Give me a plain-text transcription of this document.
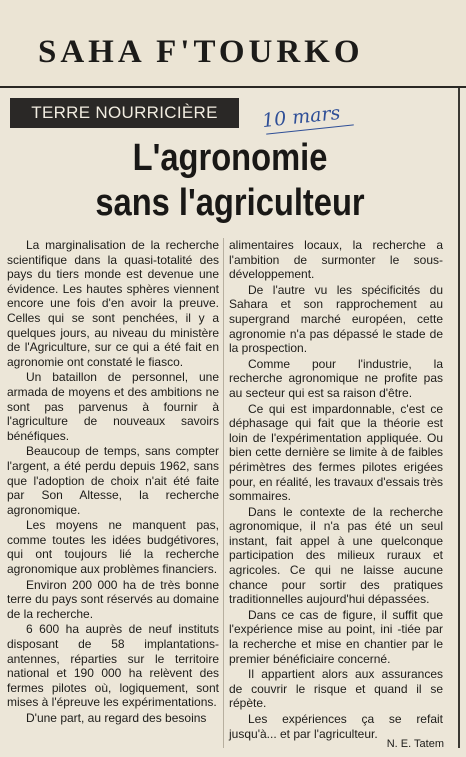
SAHA F'TOURKO
TERRE NOURRICIÈRE	10 mars
L'agronomie
sans l'agriculteur

La marginalisation de la recherche scientifique dans la quasi-totalité des pays du tiers monde est devenue une évidence. Les hautes sphères viennent encore une fois d'en avoir la preuve. Celles qui se sont penchées, il y a quelques jours, au niveau du ministère de l'Agriculture, sur ce qui a été fait en agronomie ont constaté le fiasco.

Un bataillon de personnel, une armada de moyens et des ambitions ne sont pas parvenus à fournir à l'agriculture de nouveaux savoirs bénéfiques.

Beaucoup de temps, sans compter l'argent, a été perdu depuis 1962, sans que l'adoption de choix n'ait été faite par Son Altesse, la recherche agronomique.

Les moyens ne manquent pas, comme toutes les idées budgétivores, qui ont toujours lié la recherche agronomique aux problèmes financiers.

Environ 200 000 ha de très bonne terre du pays sont réservés au domaine de la recherche.

6 600 ha auprès de neuf instituts disposant de 58 implantations-antennes, réparties sur le territoire national et 190 000 ha relèvent des fermes pilotes où, logiquement, sont mises à l'épreuve les expérimentations.

D'une part, au regard des besoins

alimentaires locaux, la recherche a l'ambition de surmonter le sous-développement.

De l'autre vu les spécificités du Sahara et son rapprochement au supergrand marché européen, cette agronomie n'a pas dépassé le stade de la prospection.

Comme pour l'industrie, la recherche agronomique ne profite pas au secteur qui est sa raison d'être.

Ce qui est impardonnable, c'est ce déphasage qui fait que la théorie est loin de l'expérimentation appliquée. Ou bien cette dernière se limite à de faibles périmètres des fermes pilotes erigées pour, en réalité, les travaux d'essais très sommaires.

Dans le contexte de la recherche agronomique, il n'a pas été un seul instant, fait appel à une quelconque participation des milieux ruraux et agricoles. Ce qui ne laisse aucune chance pour sortir des pratiques traditionnelles aujourd'hui dépassées.

Dans ce cas de figure, il suffit que l'expérience mise au point, ini -tiée par la recherche et mise en chantier par le premier bénéficiaire concerné.

Il appartient alors aux assurances de couvrir le risque et quand il se répète.

Les expériences ça se refait jusqu'à... et par l'agriculteur.

N. E. Tatem
